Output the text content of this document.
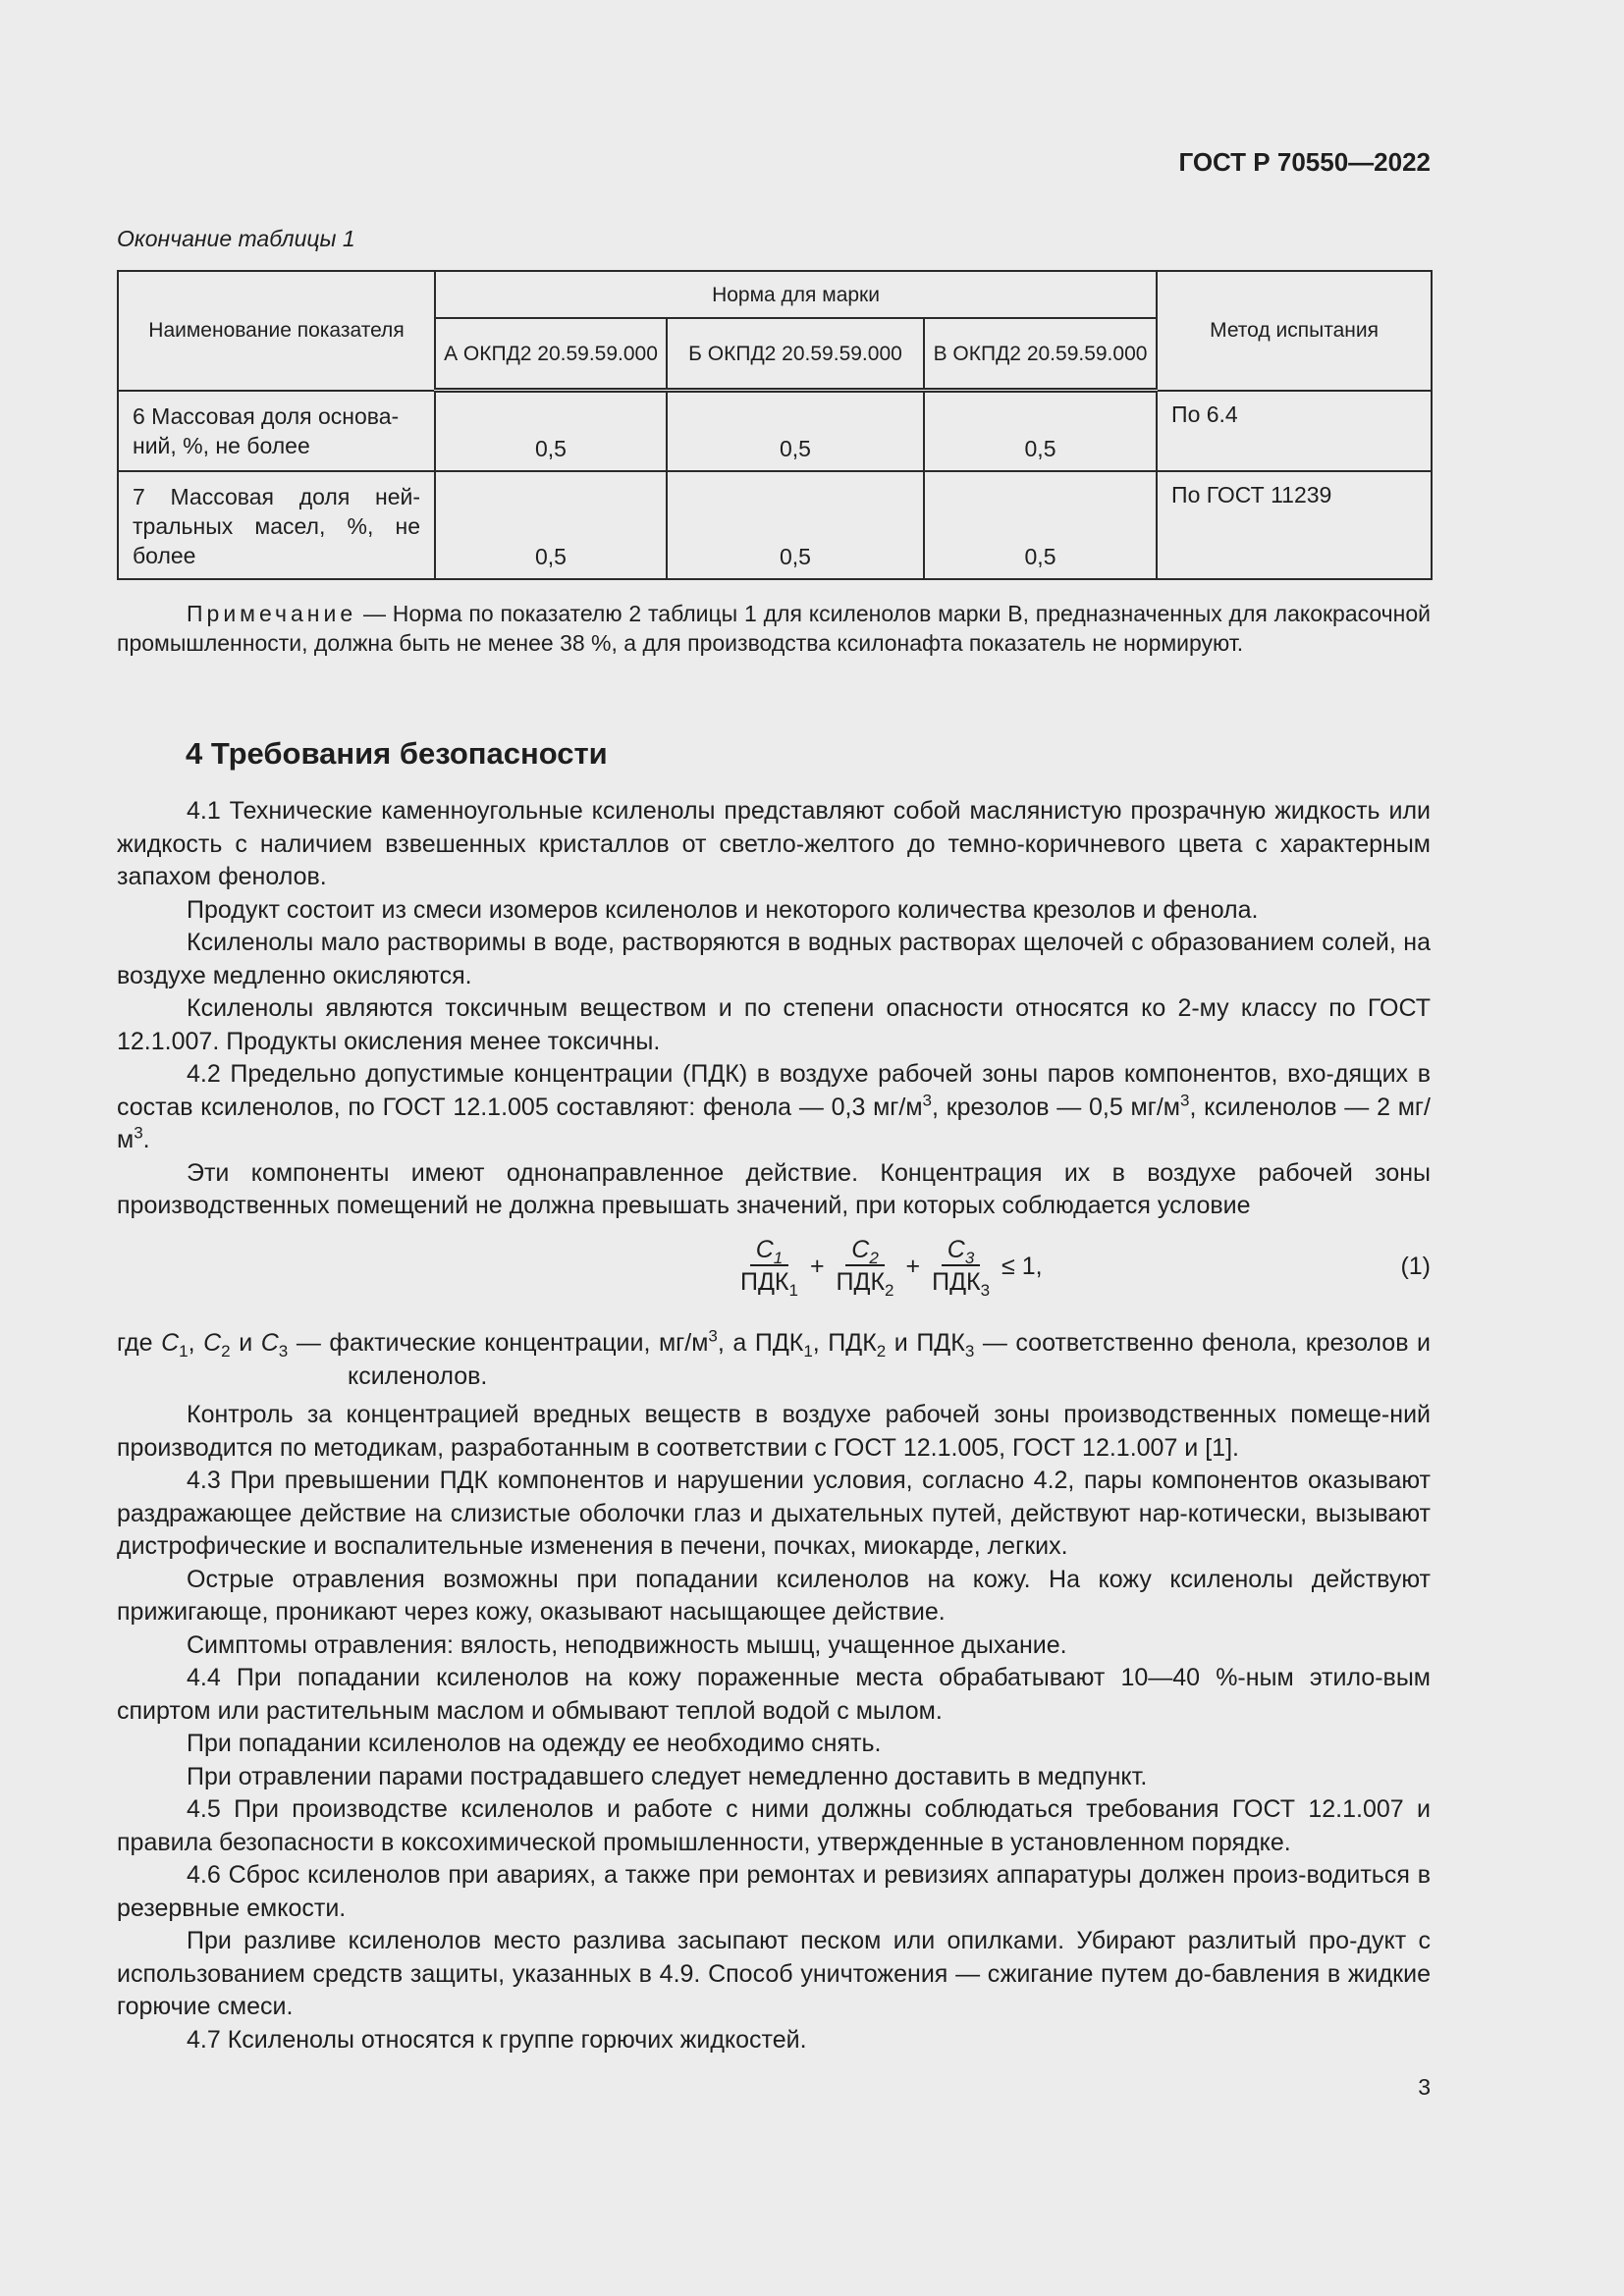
ГОСТ Р 70550—2022
Окончание таблицы 1
Наименование показателя	Норма для марки			Метод испытания
	А ОКПД2 20.59.59.000	Б ОКПД2 20.59.59.000	В ОКПД2 20.59.59.000	
6 Массовая доля основа-ний, %, не более	0,5	0,5	0,5	По 6.4
7 Массовая доля ней-тральных масел, %, не более	0,5	0,5	0,5	По ГОСТ 11239

Примечание — Норма по показателю 2 таблицы 1 для ксиленолов марки В, предназначенных для лакокрасочной промышленности, должна быть не менее 38 %, а для производства ксилонафта показатель не нормируют.

4 Требования безопасности

4.1 Технические каменноугольные ксиленолы представляют собой маслянистую прозрачную жидкость или жидкость с наличием взвешенных кристаллов от светло-желтого до темно-коричневого цвета с характерным запахом фенолов.

Продукт состоит из смеси изомеров ксиленолов и некоторого количества крезолов и фенола.

Ксиленолы мало растворимы в воде, растворяются в водных растворах щелочей с образованием солей, на воздухе медленно окисляются.

Ксиленолы являются токсичным веществом и по степени опасности относятся ко 2-му классу по ГОСТ 12.1.007. Продукты окисления менее токсичны.

4.2 Предельно допустимые концентрации (ПДК) в воздухе рабочей зоны паров компонентов, вхо-дящих в состав ксиленолов, по ГОСТ 12.1.005 составляют: фенола — 0,3 $мг/м^3$, крезолов — 0,5 $мг/м^3$, ксиленолов — 2 $мг/м^3$.

Эти компоненты имеют однонаправленное действие. Концентрация их в воздухе рабочей зоны производственных помещений не должна превышать значений, при которых соблюдается условие

$\frac{C_1}{ПДК_1} + \frac{C_2}{ПДК_2} + \frac{C_3}{ПДК_3} \le 1$,	(1)

где $C_1$, $C_2$ и $C_3$ — фактические концентрации, $мг/м^3$, а $ПДК_1$, $ПДК_2$ и $ПДК_3$ — соответственно фенола, крезолов и ксиленолов.

Контроль за концентрацией вредных веществ в воздухе рабочей зоны производственных помеще-ний производится по методикам, разработанным в соответствии с ГОСТ 12.1.005, ГОСТ 12.1.007 и [1].

4.3 При превышении ПДК компонентов и нарушении условия, согласно 4.2, пары компонентов оказывают раздражающее действие на слизистые оболочки глаз и дыхательных путей, действуют нар-котически, вызывают дистрофические и воспалительные изменения в печени, почках, миокарде, легких.

Острые отравления возможны при попадании ксиленолов на кожу. На кожу ксиленолы действуют прижигающе, проникают через кожу, оказывают насыщающее действие.

Симптомы отравления: вялость, неподвижность мышц, учащенное дыхание.

4.4 При попадании ксиленолов на кожу пораженные места обрабатывают 10—40 %-ным этило-вым спиртом или растительным маслом и обмывают теплой водой с мылом.

При попадании ксиленолов на одежду ее необходимо снять.

При отравлении парами пострадавшего следует немедленно доставить в медпункт.

4.5 При производстве ксиленолов и работе с ними должны соблюдаться требования ГОСТ 12.1.007 и правила безопасности в коксохимической промышленности, утвержденные в установленном порядке.

4.6 Сброс ксиленолов при авариях, а также при ремонтах и ревизиях аппаратуры должен произ-водиться в резервные емкости.

При разливе ксиленолов место разлива засыпают песком или опилками. Убирают разлитый про-дукт с использованием средств защиты, указанных в 4.9. Способ уничтожения — сжигание путем до-бавления в жидкие горючие смеси.

4.7 Ксиленолы относятся к группе горючих жидкостей.

3
